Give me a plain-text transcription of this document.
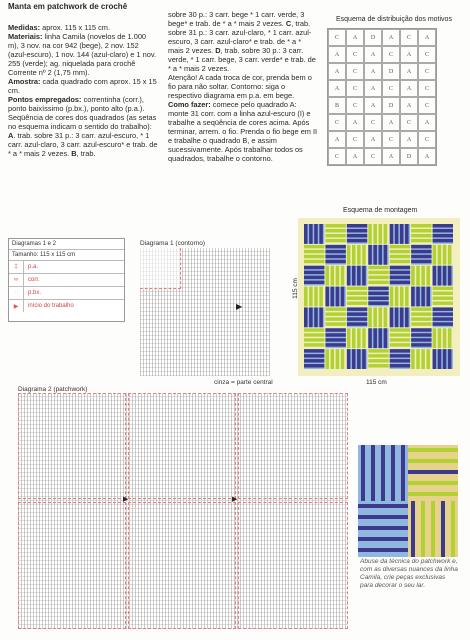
Manta em patchwork de crochê
Medidas: aprox. 115 x 115 cm.
Materiais: linha Camila (novelos de 1.000 m), 3 nov. na cor 942 (bege), 2 nov. 152 (azul-escuro), 1 nov. 144 (azul-claro) e 1 nov. 255 (verde); ag. niquelada para crochê Corrente nº 2 (1,75 mm).
Amostra: cada quadrado com aprox. 15 x 15 cm.
Pontos empregados: correntinha (corr.), ponto baixíssimo (p.bx.), ponto alto (p.a.). Seqüência de cores dos quadrados (as setas no esquema indicam o sentido do trabalho): A. trab. sobre 31 p.: 3 carr. azul-escuro, * 1 carr. azul-claro, 3 carr. azul-escuro* e trab. de * a * mais 2 vezes. B, trab.
sobre 30 p.: 3 carr. bege * 1 carr. verde, 3 bege* e trab. de * a * mais 2 vezes. C, trab. sobre 31 p.: 3 carr. azul-claro, * 1 carr. azul-escuro, 3 carr. azul-claro* e trab. de * a * mais 2 vezes. D, trab. sobre 30 p.: 3 carr. verde, * 1 carr. bege, 3 carr. verde* e trab. de * a * mais 2 vezes.
Atenção! A cada troca de cor, prenda bem o fio para não soltar. Contorno: siga o respectivo diagrama em p.a. em bege.
Como fazer: comece pelo quadrado A: monte 31 corr. com a linha azul-escuro (I) e trabalhe a seqüência de cores acima. Após terminar, arrem. o fio. Prenda o fio bege em II e trabalhe o quadrado B, e assim sucessivamente. Após trabalhar todos os quadrados, trabalhe o contorno.
Esquema de distribuição dos motivos
C	A	D	A	C	A
A	C	A	C	A	C
A	C	A	D	A	C
A	C	A	C	A	C
B	C	A	D	A	C
C	A	C	A	C	A
A	C	A	C	A	C
C	A	C	A	D	A
Esquema de montagem
115 cm
115 cm
Diagramas 1 e 2
Tamanho: 115 x 115 cm
‡	p.a.
∞	corr.
∙	p.bx.
▶	início do trabalho
Diagrama 1 (contorno)
▶
cinza = parte central
Diagrama 2 (patchwork)
▶	▶
Abuse da técnica do patchwork e, com as diversas nuances da linha Camila, crie peças exclusivas para decorar o seu lar.
